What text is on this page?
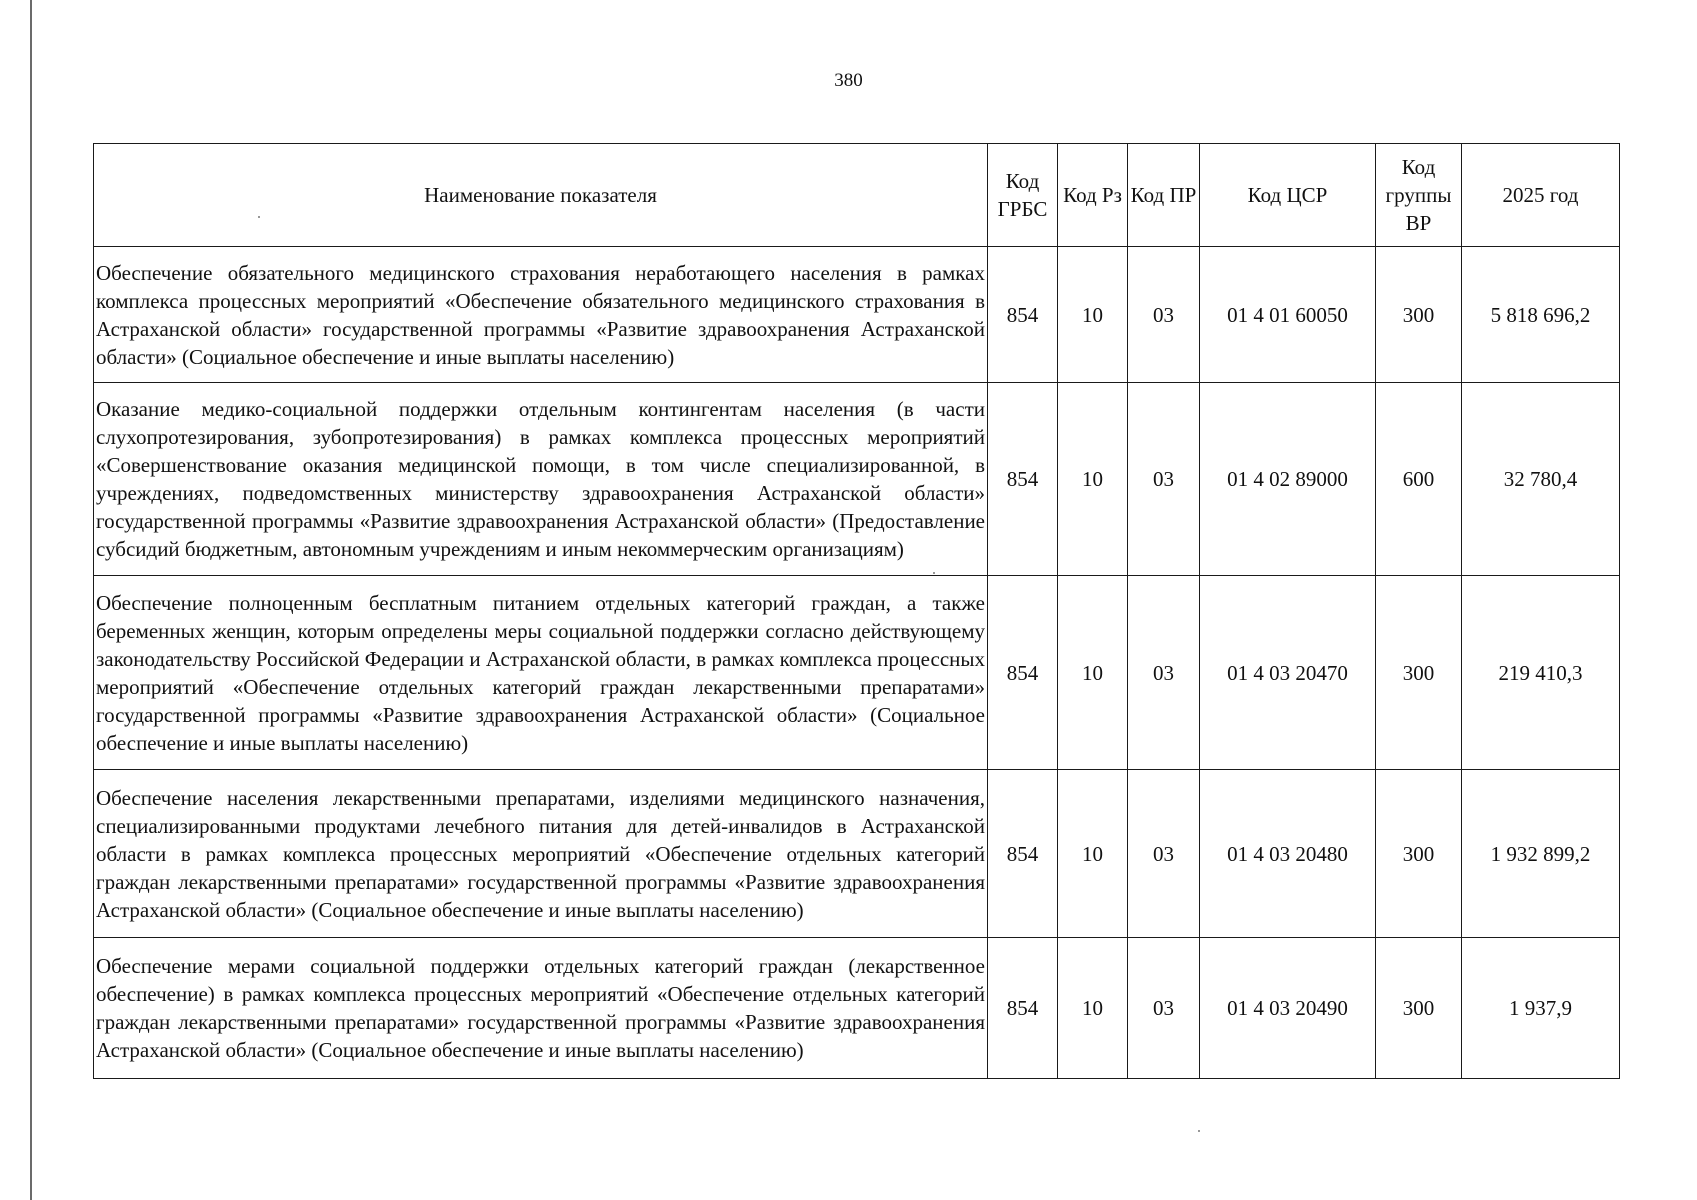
380
Наименование показателя	Код ГРБС	Код Рз	Код ПР	Код ЦСР	Код группы ВР	2025 год
Обеспечение обязательного медицинского страхования неработающего населения в рамках комплекса процессных мероприятий «Обеспечение обязательного медицинского страхования в Астраханской области» государственной программы «Развитие здравоохранения Астраханской области» (Социальное обеспечение и иные выплаты населению)	854	10	03	01 4 01 60050	300	5 818 696,2
Оказание медико-социальной поддержки отдельным контингентам населения (в части слухопротезирования, зубопротезирования) в рамках комплекса процессных мероприятий «Совершенствование оказания медицинской помощи, в том числе специализированной, в учреждениях, подведомственных министерству здравоохранения Астраханской области» государственной программы «Развитие здравоохранения Астраханской области» (Предоставление субсидий бюджетным, автономным учреждениям и иным некоммерческим организациям)	854	10	03	01 4 02 89000	600	32 780,4
Обеспечение полноценным бесплатным питанием отдельных категорий граждан, а также беременных женщин, которым определены меры социальной поддержки согласно действующему законодательству Российской Федерации и Астраханской области, в рамках комплекса процессных мероприятий «Обеспечение отдельных категорий граждан лекарственными препаратами» государственной программы «Развитие здравоохранения Астраханской области» (Социальное обеспечение и иные выплаты населению)	854	10	03	01 4 03 20470	300	219 410,3
Обеспечение населения лекарственными препаратами, изделиями медицинского назначения, специализированными продуктами лечебного питания для детей-инвалидов в Астраханской области в рамках комплекса процессных мероприятий «Обеспечение отдельных категорий граждан лекарственными препаратами» государственной программы «Развитие здравоохранения Астраханской области» (Социальное обеспечение и иные выплаты населению)	854	10	03	01 4 03 20480	300	1 932 899,2
Обеспечение мерами социальной поддержки отдельных категорий граждан (лекарственное обеспечение) в рамках комплекса процессных мероприятий «Обеспечение отдельных категорий граждан лекарственными препаратами» государственной программы «Развитие здравоохранения Астраханской области» (Социальное обеспечение и иные выплаты населению)	854	10	03	01 4 03 20490	300	1 937,9
